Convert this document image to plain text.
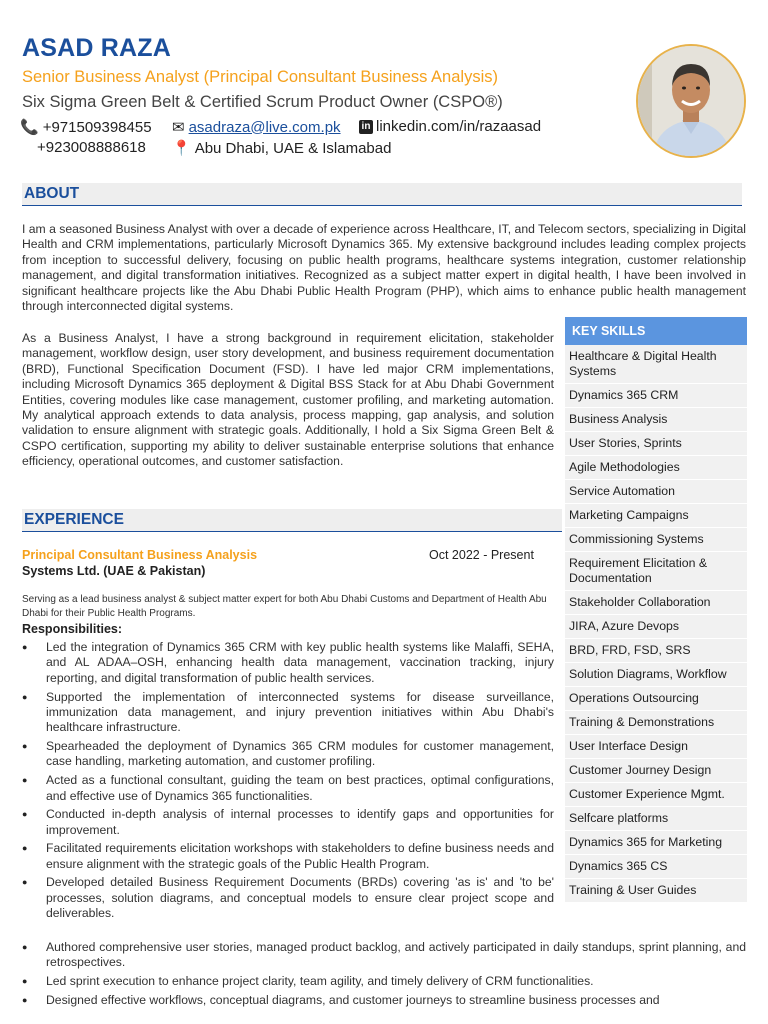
ASAD RAZA
Senior Business Analyst (Principal Consultant Business Analysis)
Six Sigma Green Belt & Certified Scrum Product Owner (CSPO®)
📞 +971509398455 ✉ asadraza@live.com.pk in linkedin.com/in/razaasad
+923008888618 📍 Abu Dhabi, UAE & Islamabad
ABOUT
I am a seasoned Business Analyst with over a decade of experience across Healthcare, IT, and Telecom sectors, specializing in Digital Health and CRM implementations, particularly Microsoft Dynamics 365. My extensive background includes leading complex projects from inception to successful delivery, focusing on public health programs, healthcare systems integration, customer relationship management, and digital transformation initiatives. Recognized as a subject matter expert in digital health, I have been involved in significant healthcare projects like the Abu Dhabi Public Health Program (PHP), which aims to enhance public health management through interconnected digital systems.
As a Business Analyst, I have a strong background in requirement elicitation, stakeholder management, workflow design, user story development, and business requirement documentation (BRD), Functional Specification Document (FSD). I have led major CRM implementations, including Microsoft Dynamics 365 deployment & Digital BSS Stack for at Abu Dhabi Government Entities, covering modules like case management, customer profiling, and marketing automation. My analytical approach extends to data analysis, process mapping, gap analysis, and solution validation to ensure alignment with strategic goals. Additionally, I hold a Six Sigma Green Belt & CSPO certification, supporting my ability to deliver sustainable enterprise solutions that enhance efficiency, operational outcomes, and customer satisfaction.
KEY SKILLS
Healthcare & Digital Health Systems
Dynamics 365 CRM
Business Analysis
User Stories, Sprints
Agile Methodologies
Service Automation
Marketing Campaigns
Commissioning Systems
Requirement Elicitation & Documentation
Stakeholder Collaboration
JIRA, Azure Devops
BRD, FRD, FSD, SRS
Solution Diagrams, Workflow
Operations Outsourcing
Training & Demonstrations
User Interface Design
Customer Journey Design
Customer Experience Mgmt.
Selfcare platforms
Dynamics 365 for Marketing
Dynamics 365 CS
Training & User Guides
EXPERIENCE
Principal Consultant Business Analysis	Oct 2022 - Present
Systems Ltd. (UAE & Pakistan)
Serving as a lead business analyst & subject matter expert for both Abu Dhabi Customs and Department of Health Abu Dhabi for their Public Health Programs.
Responsibilities:
● Led the integration of Dynamics 365 CRM with key public health systems like Malaffi, SEHA, and AL ADAA–OSH, enhancing health data management, vaccination tracking, injury reporting, and digital transformation of public health services.
● Supported the implementation of interconnected systems for disease surveillance, immunization data management, and injury prevention initiatives within Abu Dhabi's healthcare infrastructure.
● Spearheaded the deployment of Dynamics 365 CRM modules for customer management, case handling, marketing automation, and customer profiling.
● Acted as a functional consultant, guiding the team on best practices, optimal configurations, and effective use of Dynamics 365 functionalities.
● Conducted in-depth analysis of internal processes to identify gaps and opportunities for improvement.
● Facilitated requirements elicitation workshops with stakeholders to define business needs and ensure alignment with the strategic goals of the Public Health Program.
● Developed detailed Business Requirement Documents (BRDs) covering 'as is' and 'to be' processes, solution diagrams, and conceptual models to ensure clear project scope and deliverables.
● Authored comprehensive user stories, managed product backlog, and actively participated in daily standups, sprint planning, and retrospectives.
● Led sprint execution to enhance project clarity, team agility, and timely delivery of CRM functionalities.
● Designed effective workflows, conceptual diagrams, and customer journeys to streamline business processes and
